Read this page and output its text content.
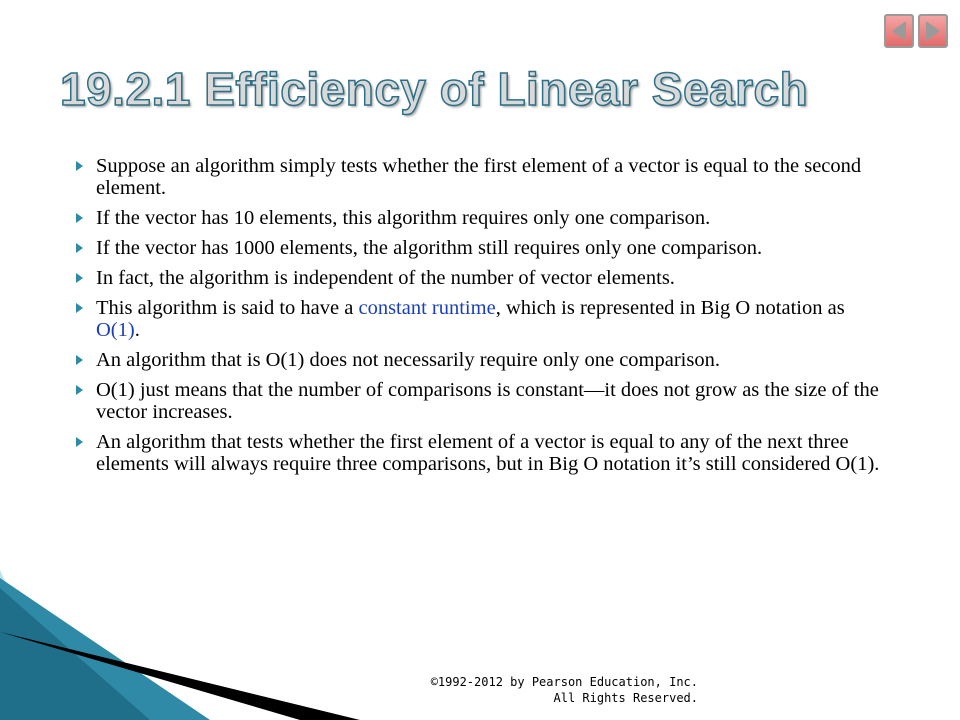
19.2.1 Efficiency of Linear Search
Suppose an algorithm simply tests whether the first element of a vector is equal to the second element.
If the vector has 10 elements, this algorithm requires only one comparison.
If the vector has 1000 elements, the algorithm still requires only one comparison.
In fact, the algorithm is independent of the number of vector elements.
This algorithm is said to have a constant runtime, which is represented in Big O notation as O(1).
An algorithm that is O(1) does not necessarily require only one comparison.
O(1) just means that the number of comparisons is constant—it does not grow as the size of the vector increases.
An algorithm that tests whether the first element of a vector is equal to any of the next three elements will always require three comparisons, but in Big O notation it’s still considered O(1).
©1992-2012 by Pearson Education, Inc.
All Rights Reserved.
